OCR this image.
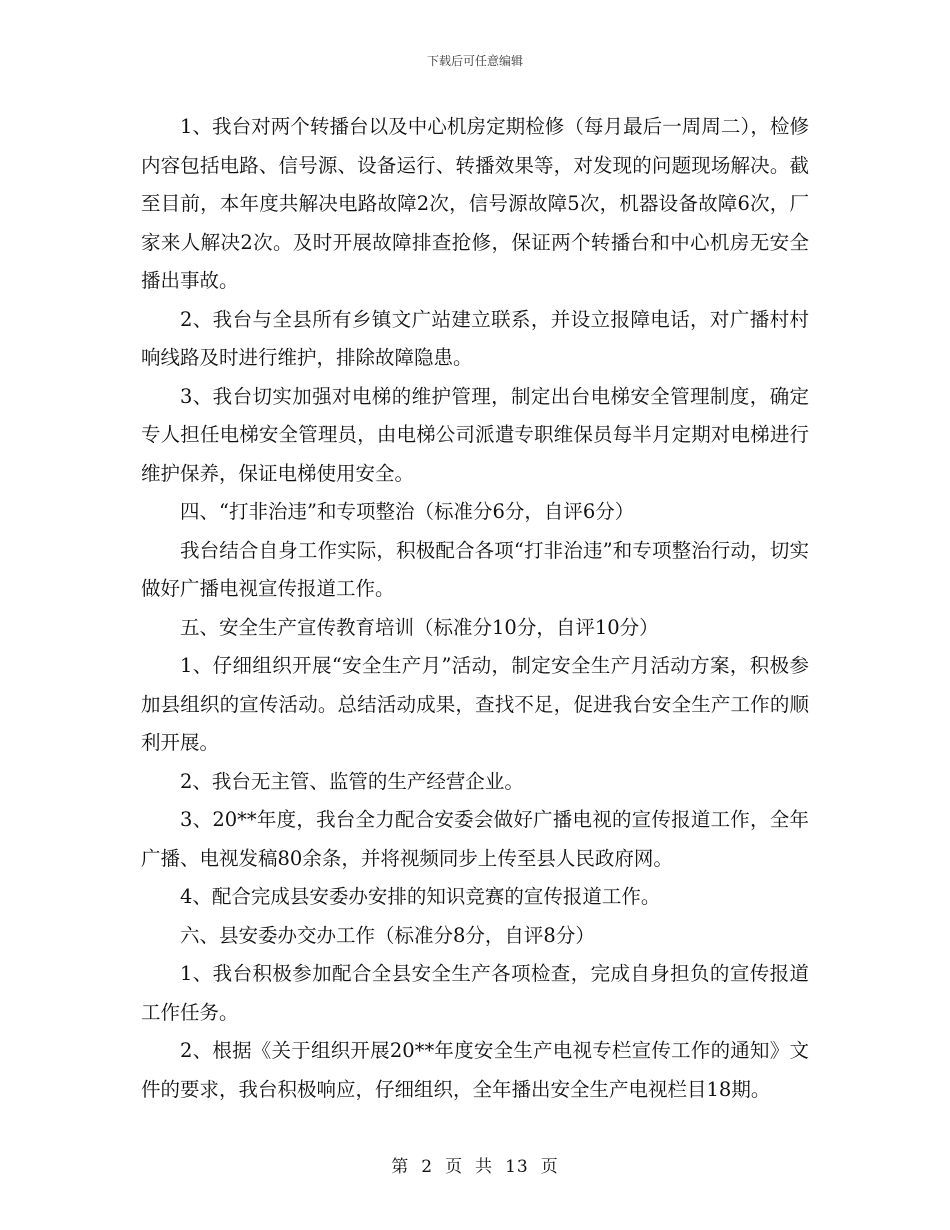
下载后可任意编辑

1、我台对两个转播台以及中心机房定期检修（每月最后一周周二），检修内容包括电路、信号源、设备运行、转播效果等，对发现的问题现场解决。截至目前，本年度共解决电路故障2次，信号源故障5次，机器设备故障6次，厂家来人解决2次。及时开展故障排查抢修，保证两个转播台和中心机房无安全播出事故。

2、我台与全县所有乡镇文广站建立联系，并设立报障电话，对广播村村响线路及时进行维护，排除故障隐患。

3、我台切实加强对电梯的维护管理，制定出台电梯安全管理制度，确定专人担任电梯安全管理员，由电梯公司派遣专职维保员每半月定期对电梯进行维护保养，保证电梯使用安全。

四、“打非治违”和专项整治（标准分6分，自评6分）

我台结合自身工作实际，积极配合各项“打非治违”和专项整治行动，切实做好广播电视宣传报道工作。

五、安全生产宣传教育培训（标准分10分，自评10分）

1、仔细组织开展“安全生产月”活动，制定安全生产月活动方案，积极参加县组织的宣传活动。总结活动成果，查找不足，促进我台安全生产工作的顺利开展。

2、我台无主管、监管的生产经营企业。

3、20**年度，我台全力配合安委会做好广播电视的宣传报道工作，全年广播、电视发稿80余条，并将视频同步上传至县人民政府网。

4、配合完成县安委办安排的知识竞赛的宣传报道工作。

六、县安委办交办工作（标准分8分，自评8分）

1、我台积极参加配合全县安全生产各项检查，完成自身担负的宣传报道工作任务。

2、根据《关于组织开展20**年度安全生产电视专栏宣传工作的通知》文件的要求，我台积极响应，仔细组织，全年播出安全生产电视栏目18期。

第 2 页 共 13 页
